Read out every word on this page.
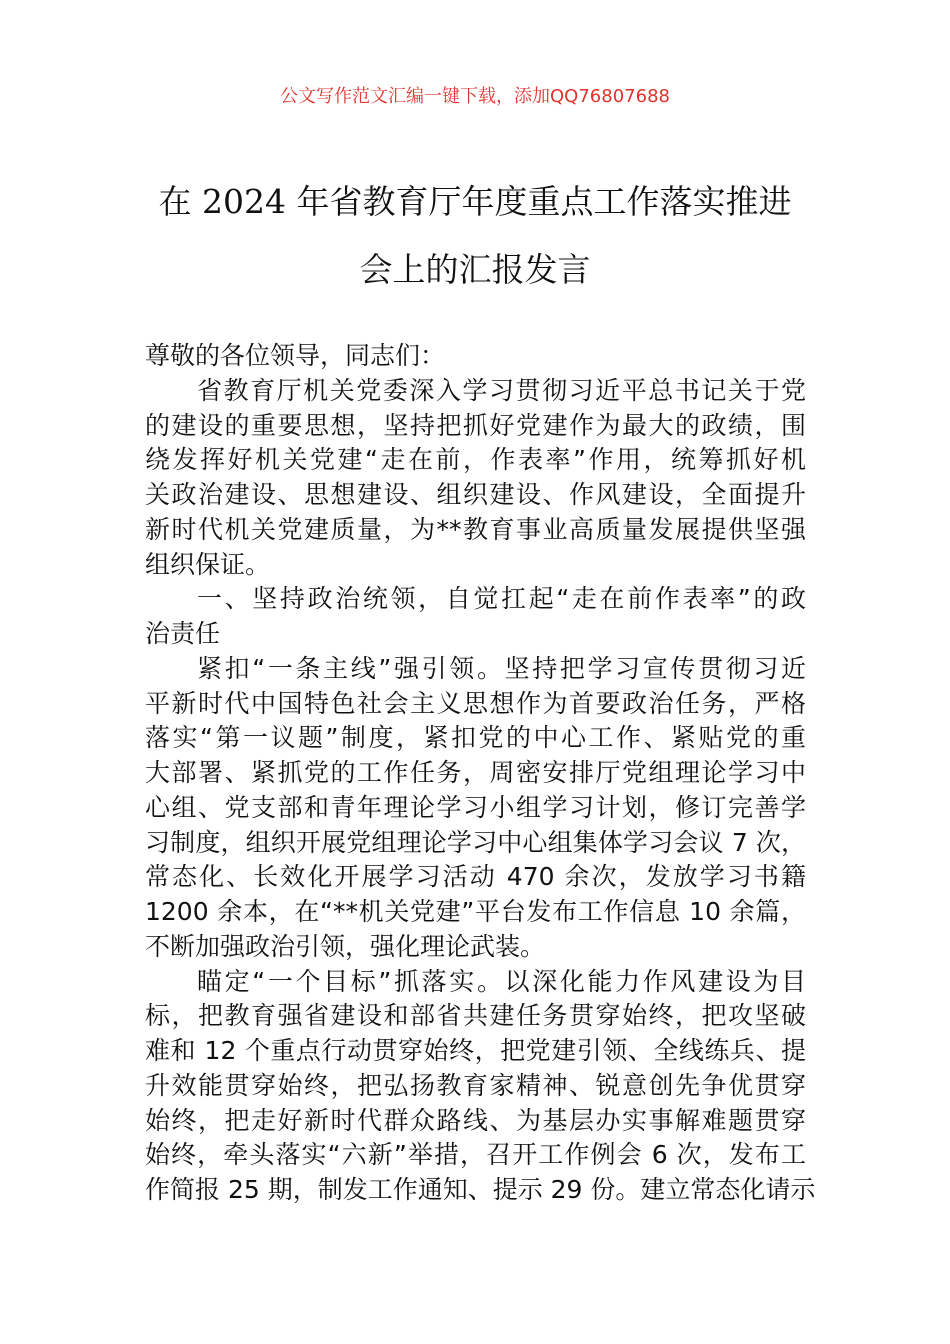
公文写作范文汇编一键下载，添加QQ76807688
在 2024 年省教育厅年度重点工作落实推进
会上的汇报发言
尊敬的各位领导，同志们：
省教育厅机关党委深入学习贯彻习近平总书记关于党
的建设的重要思想，坚持把抓好党建作为最大的政绩，围
绕发挥好机关党建“走在前，作表率”作用，统筹抓好机
关政治建设、思想建设、组织建设、作风建设，全面提升
新时代机关党建质量，为**教育事业高质量发展提供坚强
组织保证。
一、坚持政治统领，自觉扛起“走在前作表率”的政
治责任
紧扣“一条主线”强引领。坚持把学习宣传贯彻习近
平新时代中国特色社会主义思想作为首要政治任务，严格
落实“第一议题”制度，紧扣党的中心工作、紧贴党的重
大部署、紧抓党的工作任务，周密安排厅党组理论学习中
心组、党支部和青年理论学习小组学习计划，修订完善学
习制度，组织开展党组理论学习中心组集体学习会议 7 次，
常态化、长效化开展学习活动 470 余次，发放学习书籍
1200 余本，在“**机关党建”平台发布工作信息 10 余篇，
不断加强政治引领，强化理论武装。
瞄定“一个目标”抓落实。以深化能力作风建设为目
标，把教育强省建设和部省共建任务贯穿始终，把攻坚破
难和 12 个重点行动贯穿始终，把党建引领、全线练兵、提
升效能贯穿始终，把弘扬教育家精神、锐意创先争优贯穿
始终，把走好新时代群众路线、为基层办实事解难题贯穿
始终，牵头落实“六新”举措，召开工作例会 6 次，发布工
作简报 25 期，制发工作通知、提示 29 份。建立常态化请示
